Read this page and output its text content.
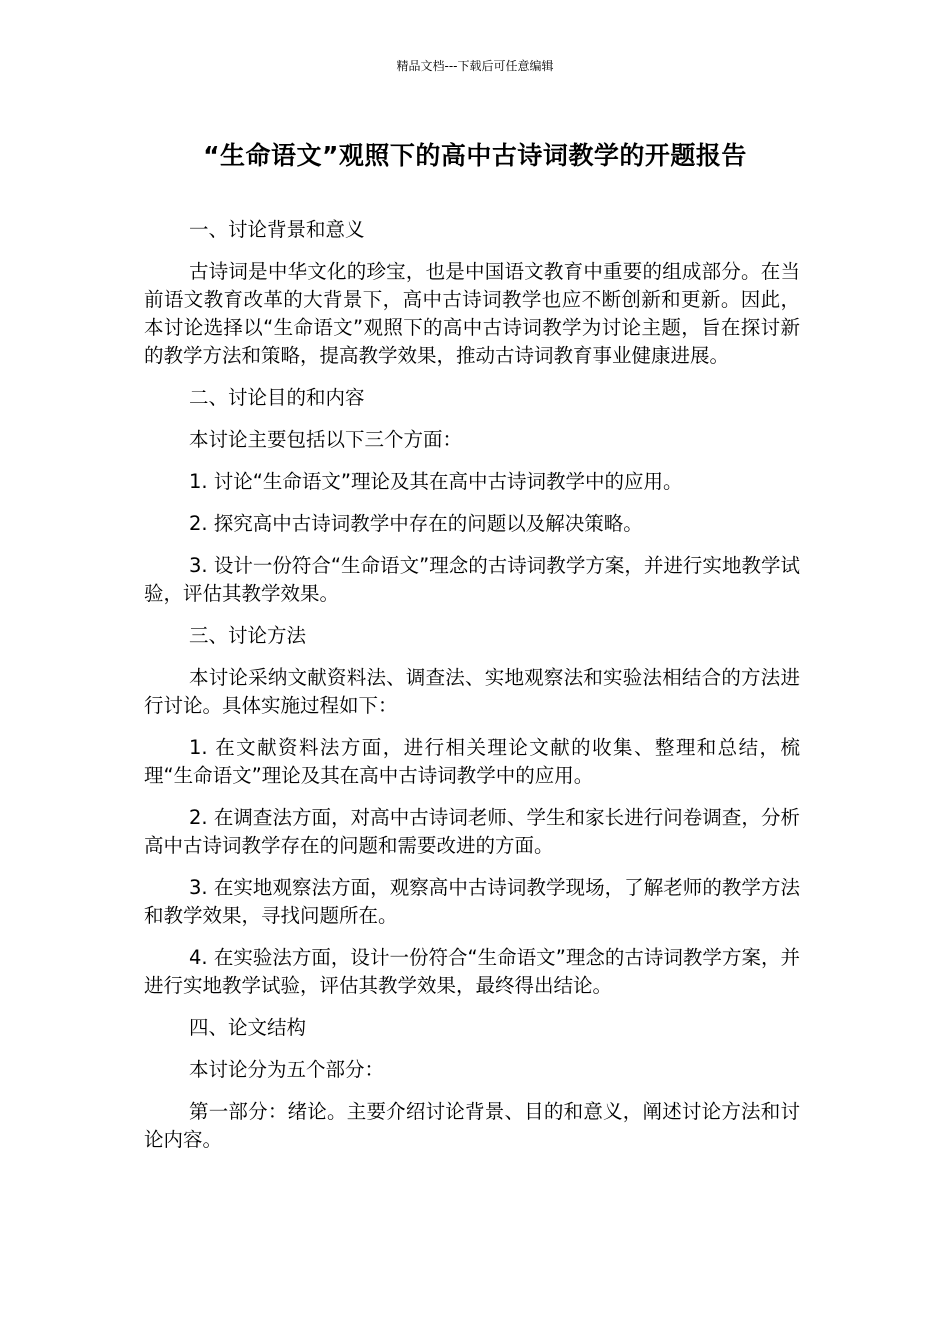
精品文档---下载后可任意编辑
“生命语文”观照下的高中古诗词教学的开题报告

一、讨论背景和意义

古诗词是中华文化的珍宝，也是中国语文教育中重要的组成部分。在当前语文教育改革的大背景下，高中古诗词教学也应不断创新和更新。因此，本讨论选择以“生命语文”观照下的高中古诗词教学为讨论主题，旨在探讨新的教学方法和策略，提高教学效果，推动古诗词教育事业健康进展。

二、讨论目的和内容

本讨论主要包括以下三个方面：

1. 讨论“生命语文”理论及其在高中古诗词教学中的应用。

2. 探究高中古诗词教学中存在的问题以及解决策略。

3. 设计一份符合“生命语文”理念的古诗词教学方案，并进行实地教学试验，评估其教学效果。

三、讨论方法

本讨论采纳文献资料法、调查法、实地观察法和实验法相结合的方法进行讨论。具体实施过程如下：

1. 在文献资料法方面，进行相关理论文献的收集、整理和总结，梳理“生命语文”理论及其在高中古诗词教学中的应用。

2. 在调查法方面，对高中古诗词老师、学生和家长进行问卷调查，分析高中古诗词教学存在的问题和需要改进的方面。

3. 在实地观察法方面，观察高中古诗词教学现场，了解老师的教学方法和教学效果，寻找问题所在。

4. 在实验法方面，设计一份符合“生命语文”理念的古诗词教学方案，并进行实地教学试验，评估其教学效果，最终得出结论。

四、论文结构

本讨论分为五个部分：

第一部分：绪论。主要介绍讨论背景、目的和意义，阐述讨论方法和讨论内容。
